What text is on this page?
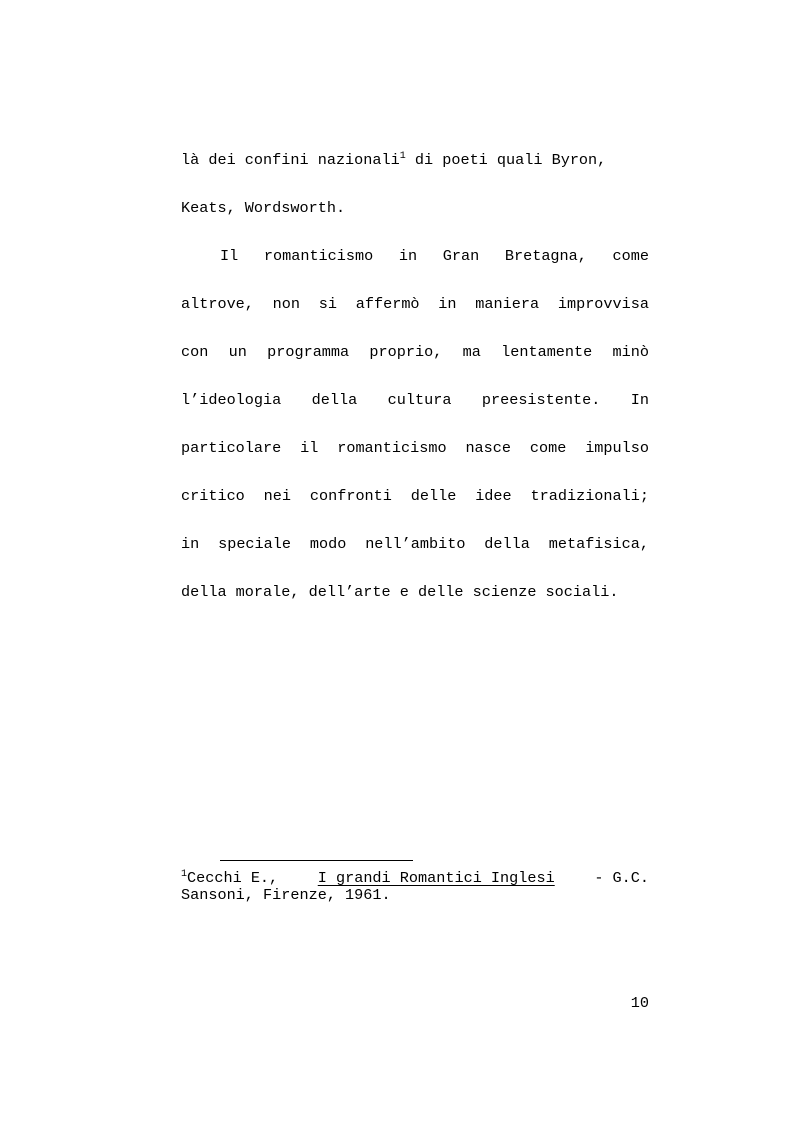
là dei confini nazionali$^1$ di poeti quali Byron,
Keats, Wordsworth.
Il romanticismo in Gran Bretagna, come
altrove, non si affermò in maniera improvvisa
con un programma proprio, ma lentamente minò
l’ideologia della cultura preesistente. In
particolare il romanticismo nasce come impulso
critico nei confronti delle idee tradizionali;
in speciale modo nell’ambito della metafisica,
della morale, dell’arte e delle scienze sociali.
$^1$Cecchi E.,	I grandi Romantici Inglesi	- G.C.
Sansoni, Firenze, 1961.
10
